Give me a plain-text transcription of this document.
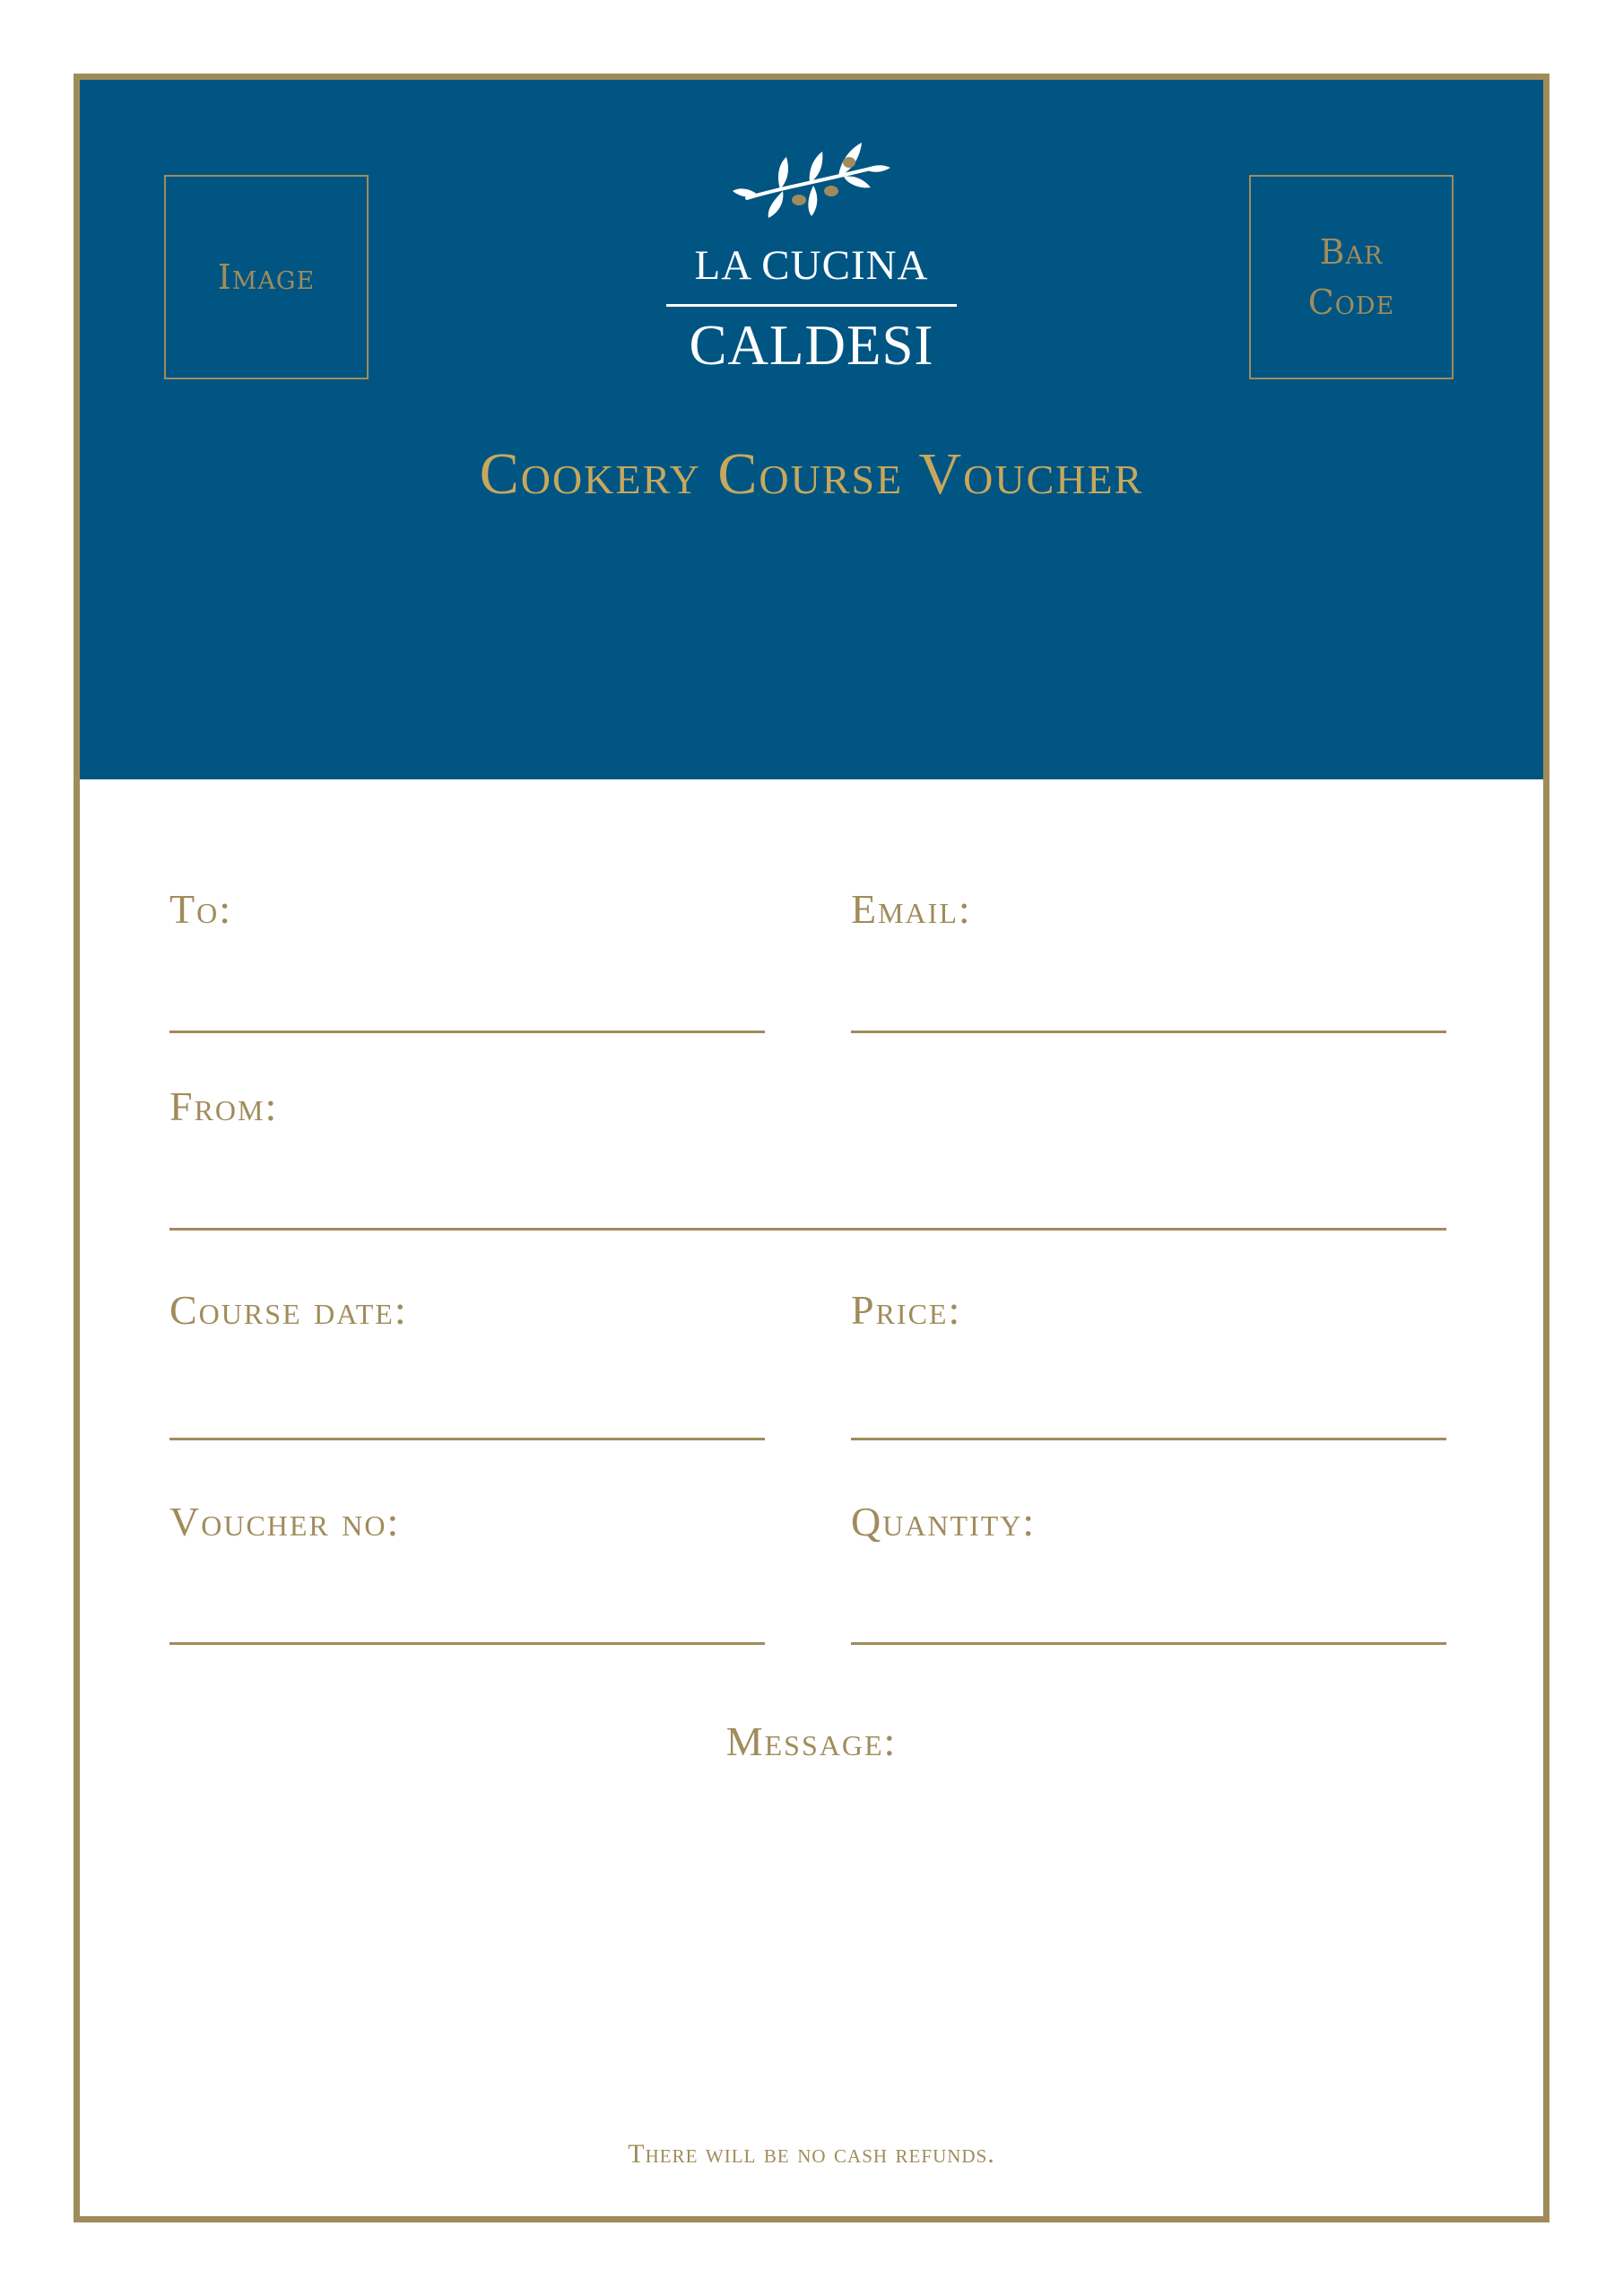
Image	LA CUCINA
CALDESI
Bar
Code
Cookery Course Voucher
To:	Email:
From:
Course date:	Price:
Voucher no:	Quantity:
Message:
There will be no cash refunds.
